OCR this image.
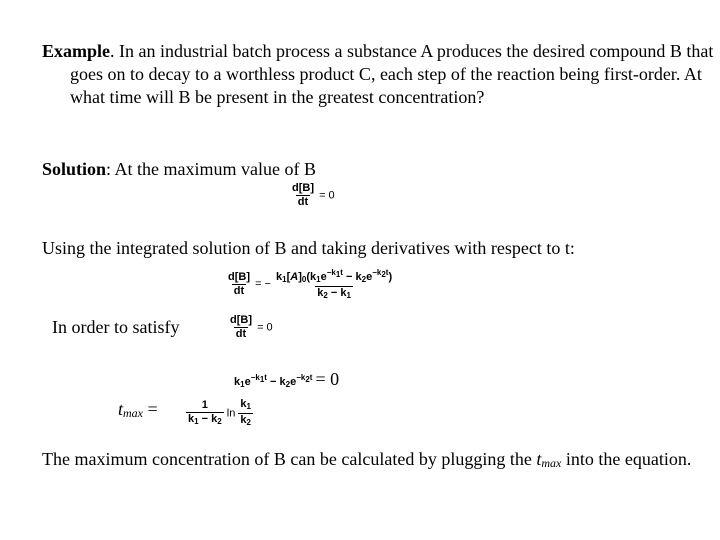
Example. In an industrial batch process a substance A produces the desired compound B that goes on to decay to a worthless product C, each step of the reaction being first-order. At what time will B be present in the greatest concentration?
Solution: At the maximum value of B
$\frac{d[B]}{dt} = 0$
Using the integrated solution of B and taking derivatives with respect to t:
$\frac{d[B]}{dt}$ = − $\frac{k_1[A]_0(k_1e^{-k_1t} - k_2e^{-k_2t})}{k_2 - k_1}$
In order to satisfy	$\frac{d[B]}{dt} = 0$
$k_1e^{-k_1t} - k_2e^{-k_2t} = 0$
$t_{max}$ =	$\frac{1}{k_1 - k_2}$ $\ln \frac{k_1}{k_2}$
The maximum concentration of B can be calculated by plugging the $t_{max}$ into the equation.
